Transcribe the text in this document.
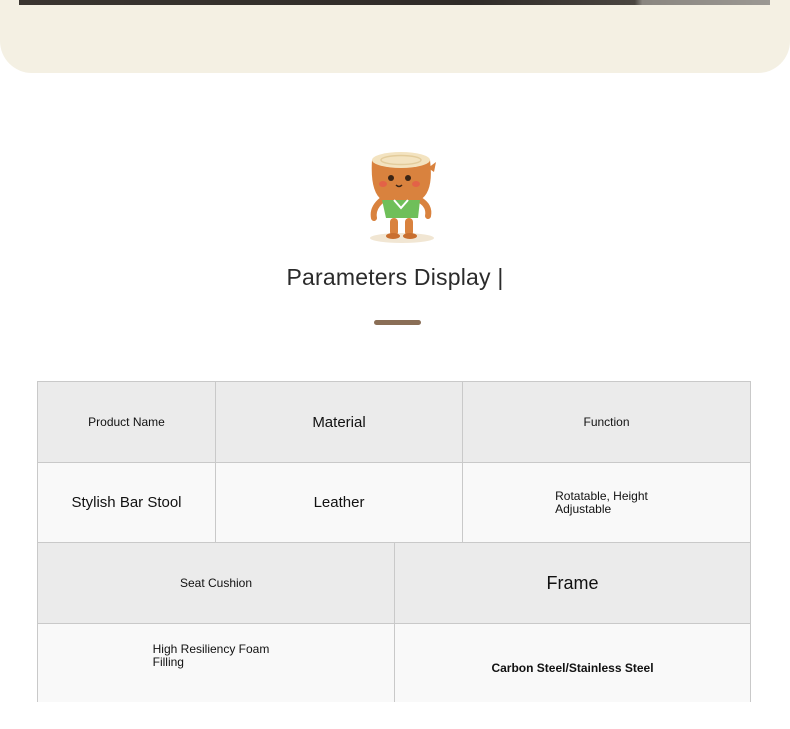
Parameters Display |
Product Name	Material	Function
Stylish Bar Stool	Leather	Rotatable, Height
Adjustable
Seat Cushion	Frame
High Resiliency Foam
Filling	Carbon Steel/Stainless Steel
